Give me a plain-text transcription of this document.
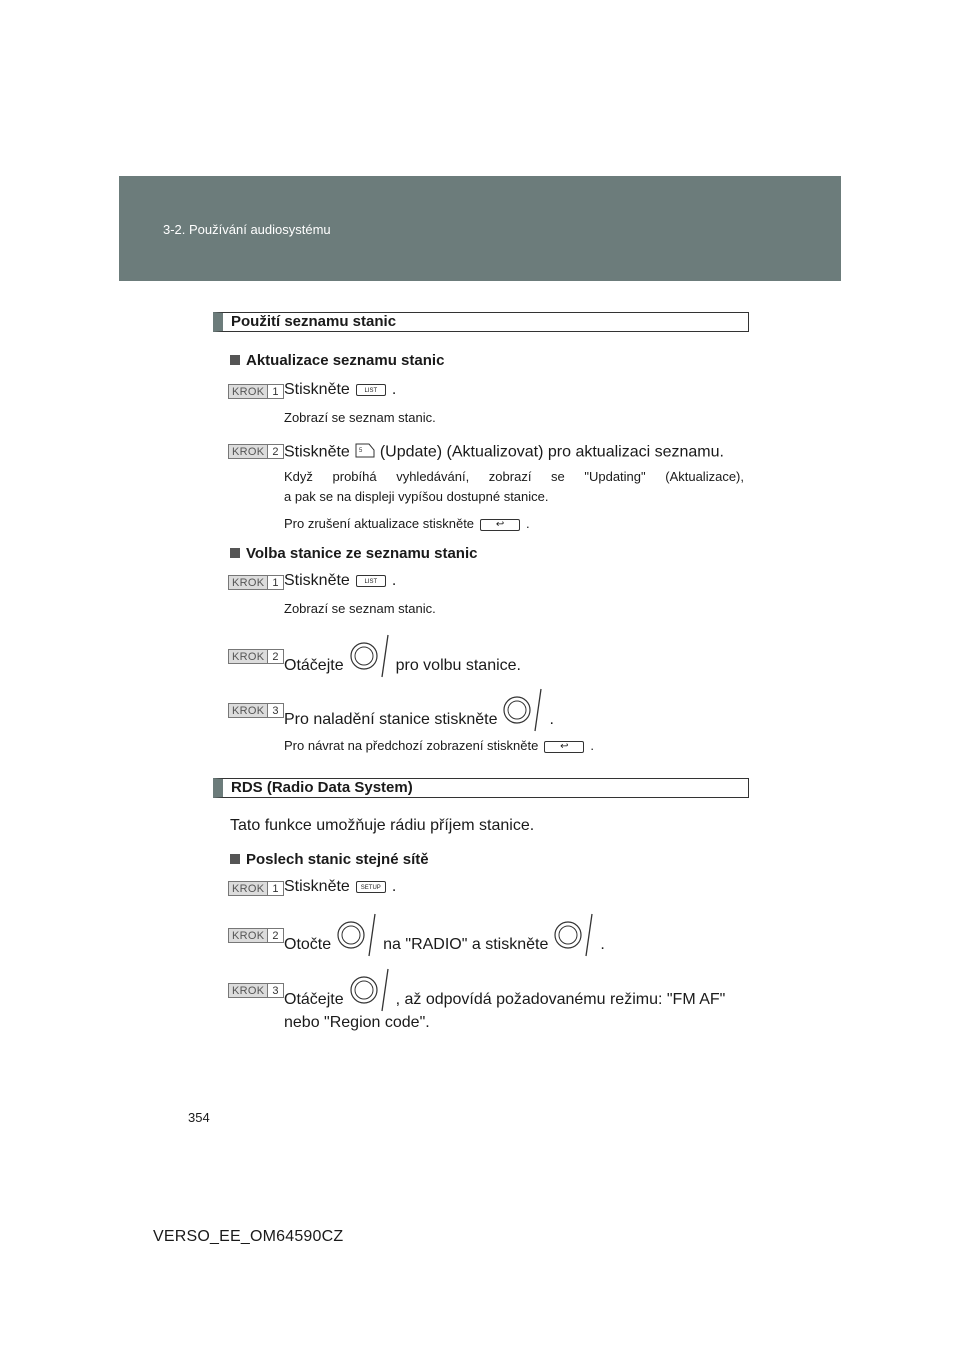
3-2. Používání audiosystému
Použití seznamu stanic
Aktualizace seznamu stanic
KROK 1 Stiskněte LIST .
Zobrazí se seznam stanic.
KROK 2 Stiskněte 5 (Update) (Aktualizovat) pro aktualizaci seznamu.
Když probíhá vyhledávání, zobrazí se "Updating" (Aktualizace),
a pak se na displeji vypíšou dostupné stanice.
Pro zrušení aktualizace stiskněte ↩ .
Volba stanice ze seznamu stanic
KROK 1 Stiskněte LIST .
Zobrazí se seznam stanic.
KROK 2
Otáčejte	pro volbu stanice.
KROK 3
Pro naladění stanice stiskněte	.
Pro návrat na předchozí zobrazení stiskněte ↩ .
RDS (Radio Data System)
Tato funkce umožňuje rádiu příjem stanice.
Poslech stanic stejné sítě
KROK 1 Stiskněte SETUP .
KROK 2
Otočte	na "RADIO" a stiskněte	.
KROK 3
Otáčejte	, až odpovídá požadovanému režimu: "FM AF"
nebo "Region code".
354
VERSO_EE_OM64590CZ
